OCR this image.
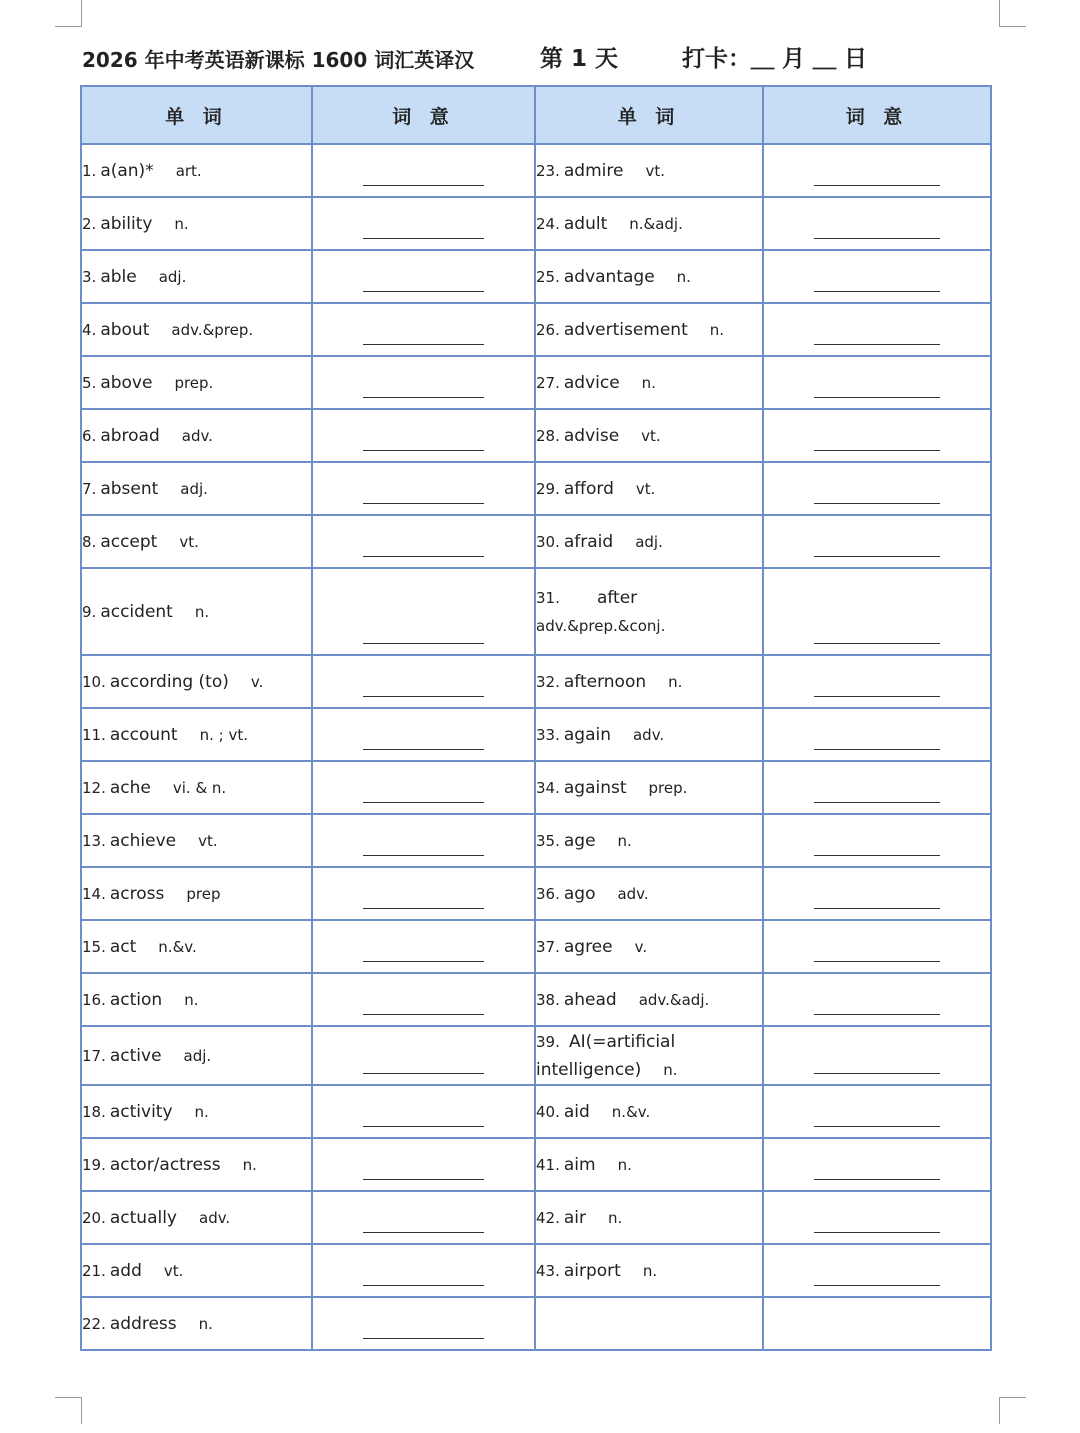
2026 年中考英语新课标 1600 词汇英译汉	第 1 天	打卡：＿ 月 ＿ 日
单 词	词 意	单 词	词 意
1. a(an)* art.		23. admire vt.	

2. ability n.		24. adult n.&adj.	

3. able adj.		25. advantage n.	

4. about adv.&prep.		26. advertisement n.	

5. above prep.		27. advice n.	

6. abroad adv.		28. advise vt.	

7. absent adj.		29. afford vt.	

8. accept vt.		30. afraid adj.	

9. accident n.		31. after
adv.&prep.&conj.	

10. according (to) v.		32. afternoon n.	

11. account n. ; vt.		33. again adv.	

12. ache vi. & n.		34. against prep.	

13. achieve vt.		35. age n.	

14. across prep		36. ago adv.	

15. act n.&v.		37. agree v.	

16. action n.		38. ahead adv.&adj.	

17. active adj.		39. AI(=artificial
intelligence) n.	

18. activity n.		40. aid n.&v.	

19. actor/actress n.		41. aim n.	

20. actually adv.		42. air n.	

21. add vt.		43. airport n.	

22. address n.	
